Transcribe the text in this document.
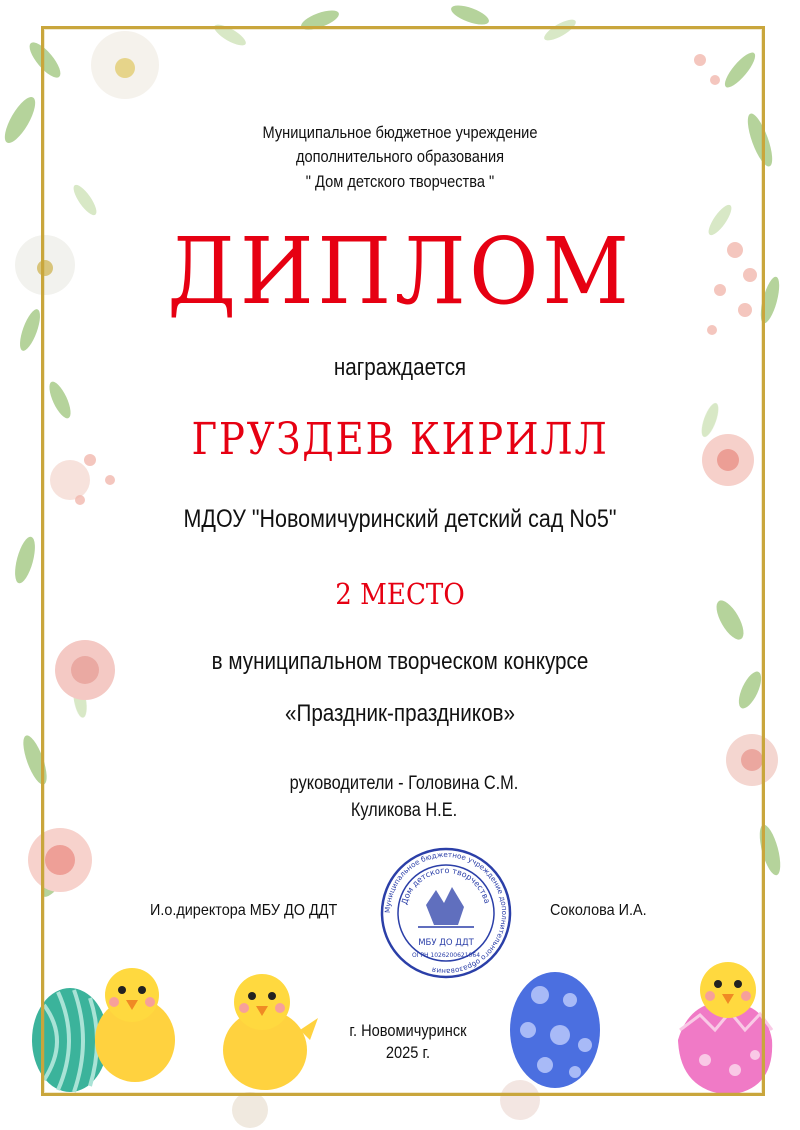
Муниципальное бюджетное учреждение
дополнительного образования
" Дом детского творчества "
ДИПЛОМ
награждается
ГРУЗДЕВ КИРИЛЛ
МДОУ "Новомичуринский детский сад No5"
2 МЕСТО
в муниципальном творческом конкурсе
«Праздник-праздников»
руководители - Головина С.М.
Куликова Н.Е.
И.о.директора МБУ ДО ДДТ	Соколова И.А.
Муниципальное бюджетное учреждение дополнительного образования
Дом детского творчества
МБУ ДО ДДТ
ОГРН 1026200621064
г. Новомичуринск
2025 г.
